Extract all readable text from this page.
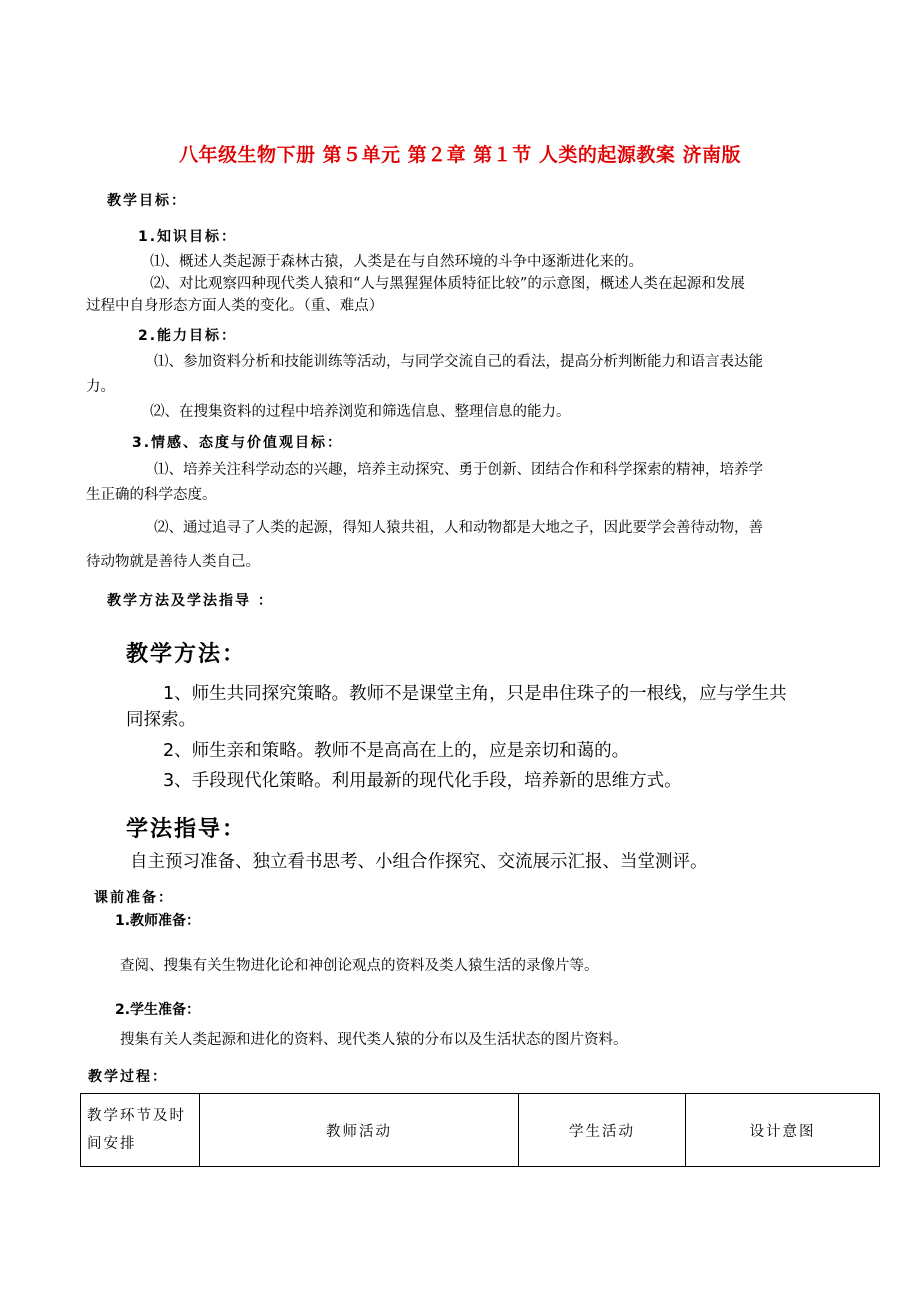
八年级生物下册 第５单元 第２章 第１节 人类的起源教案 济南版
教学目标：
1.知识目标：
⑴、概述人类起源于森林古猿，人类是在与自然环境的斗争中逐渐进化来的。
⑵、对比观察四种现代类人猿和“人与黑猩猩体质特征比较”的示意图，概述人类在起源和发展
过程中自身形态方面人类的变化。（重、难点）
2.能力目标：
⑴、参加资料分析和技能训练等活动，与同学交流自己的看法，提高分析判断能力和语言表达能
力。
⑵、在搜集资料的过程中培养浏览和筛选信息、整理信息的能力。
3.情感、态度与价值观目标：
⑴、培养关注科学动态的兴趣，培养主动探究、勇于创新、团结合作和科学探索的精神，培养学
生正确的科学态度。
⑵、通过追寻了人类的起源，得知人猿共祖，人和动物都是大地之子，因此要学会善待动物，善
待动物就是善待人类自己。
教学方法及学法指导 ：
教学方法：
1、师生共同探究策略。教师不是课堂主角，只是串住珠子的一根线，应与学生共
同探索。
2、师生亲和策略。教师不是高高在上的，应是亲切和蔼的。
3、手段现代化策略。利用最新的现代化手段，培养新的思维方式。
学法指导：
自主预习准备、独立看书思考、小组合作探究、交流展示汇报、当堂测评。
课前准备：
1.教师准备：
查阅、搜集有关生物进化论和神创论观点的资料及类人猿生活的录像片等。
2.学生准备：
搜集有关人类起源和进化的资料、现代类人猿的分布以及生活状态的图片资料。
教学过程：
教学环节及时间安排	教师活动	学生活动	设计意图
